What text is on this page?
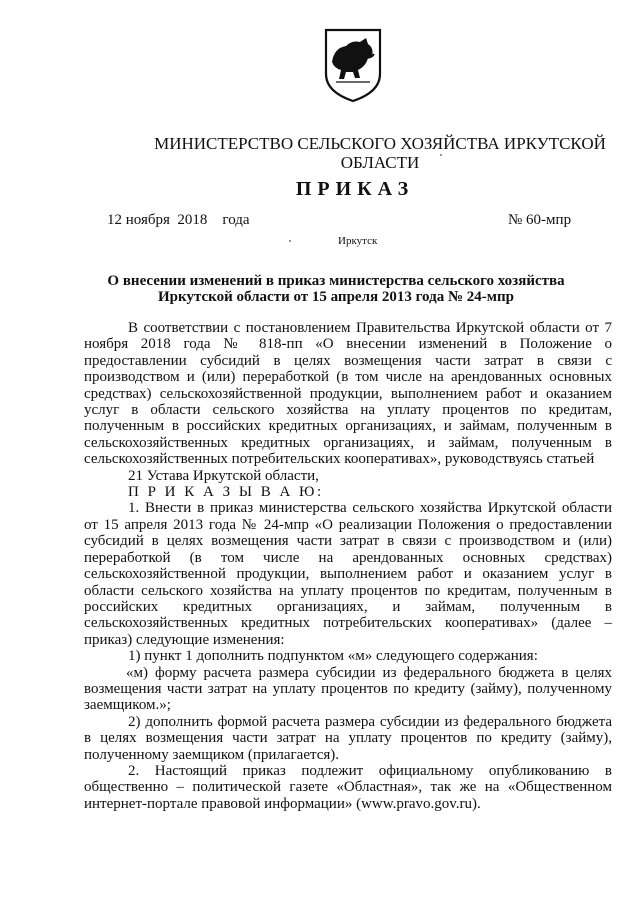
МИНИСТЕРСТВО СЕЛЬСКОГО ХОЗЯЙСТВА ИРКУТСКОЙ ОБЛАСТИ
ПРИКАЗ
12 ноября  2018    года	№ 60-мпр
Иркутск
О внесении изменений в приказ министерства сельского хозяйства Иркутской области от 15 апреля 2013 года № 24-мпр

В соответствии с постановлением Правительства Иркутской области от 7 ноября 2018 года № 818-пп «О внесении изменений в Положение о предоставлении субсидий в целях возмещения части затрат в связи с производством и (или) переработкой (в том числе на арендованных основных средствах) сельскохозяйственной продукции, выполнением работ и оказанием услуг в области сельского хозяйства на уплату процентов по кредитам, полученным в российских кредитных организациях, и займам, полученным в сельскохозяйственных кредитных организациях, и займам, полученным в сельскохозяйственных потребительских кооперативах», руководствуясь статьей

21 Устава Иркутской области,

П Р И К А З Ы В А Ю:

1. Внести в приказ министерства сельского хозяйства Иркутской области от 15 апреля 2013 года № 24-мпр «О реализации Положения о предоставлении субсидий в целях возмещения части затрат в связи с производством и (или) переработкой (в том числе на арендованных основных средствах) сельскохозяйственной продукции, выполнением работ и оказанием услуг в области сельского хозяйства на уплату процентов по кредитам, полученным в российских кредитных организациях, и займам, полученным в сельскохозяйственных кредитных потребительских кооперативах» (далее – приказ) следующие изменения:

1) пункт 1 дополнить подпунктом «м» следующего содержания:

«м) форму расчета размера субсидии из федерального бюджета в целях возмещения части затрат на уплату процентов по кредиту (займу), полученному заемщиком.»;

2) дополнить формой расчета размера субсидии из федерального бюджета в целях возмещения части затрат на уплату процентов по кредиту (займу), полученному заемщиком (прилагается).

2. Настоящий приказ подлежит официальному опубликованию в общественно – политической газете «Областная», так же на «Общественном интернет-портале правовой информации» (www.pravo.gov.ru).
